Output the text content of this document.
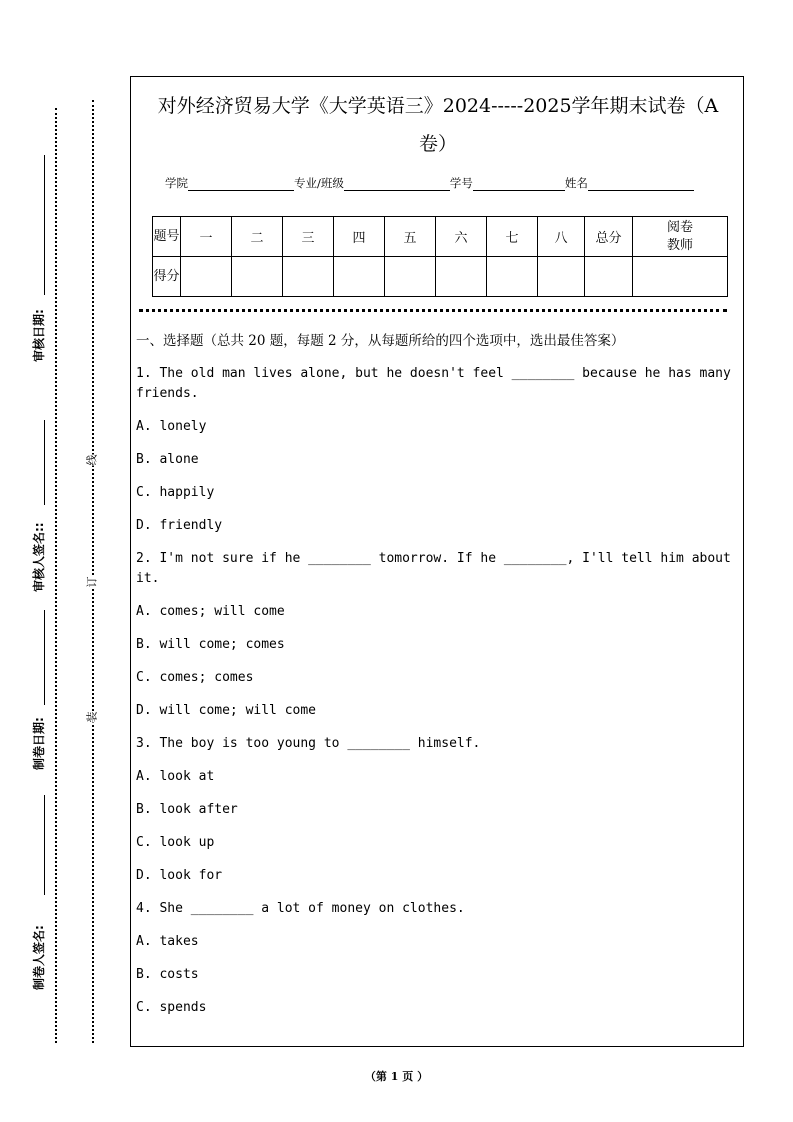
审核日期:
审核人签名::
制卷日期:
制卷人签名:
线
订
装
对外经济贸易大学《大学英语三》2024-----2025学年期末试卷（A
卷）
学院	专业/班级	学号	姓名
题号	一	二	三	四	五	六	七	八	总分	阅卷教师
得分										
一、选择题（总共 20 题，每题 2 分，从每题所给的四个选项中，选出最佳答案）
1. The old man lives alone, but he doesn't feel ________ because he has many
friends.
A. lonely
B. alone
C. happily
D. friendly
2. I'm not sure if he ________ tomorrow. If he ________, I'll tell him about
it.
A. comes; will come
B. will come; comes
C. comes; comes
D. will come; will come
3. The boy is too young to ________ himself.
A. look at
B. look after
C. look up
D. look for
4. She ________ a lot of money on clothes.
A. takes
B. costs
C. spends
（第 1 页 ）
